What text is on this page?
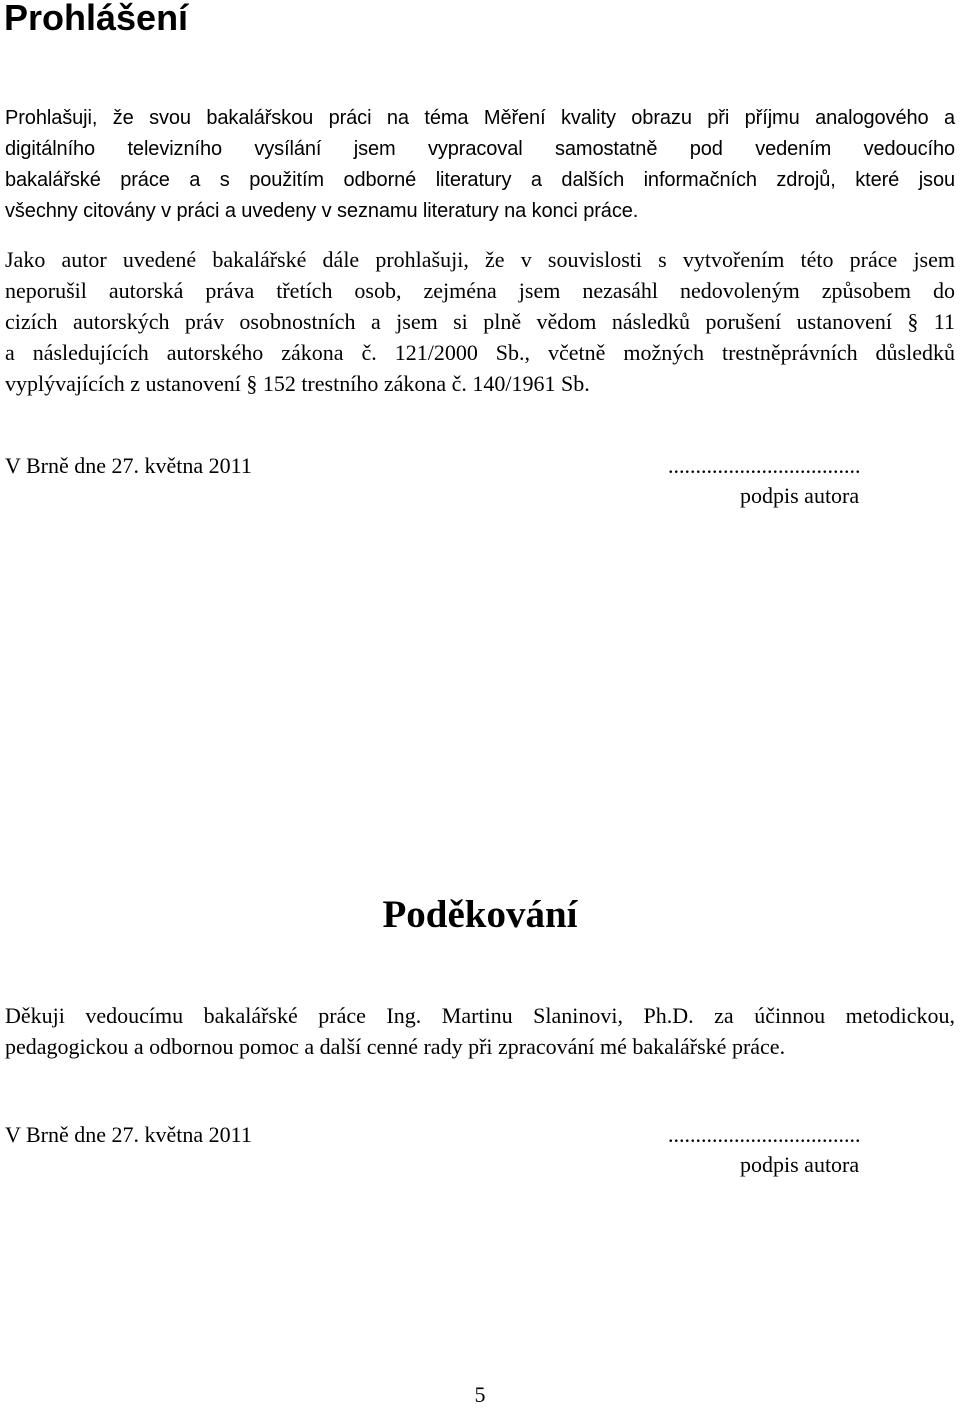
Prohlášení

Prohlašuji, že svou bakalářskou práci na téma Měření kvality obrazu při příjmu analogového a
digitálního televizního vysílání jsem vypracoval samostatně pod vedením vedoucího
bakalářské práce a s použitím odborné literatury a dalších informačních zdrojů, které jsou
všechny citovány v práci a uvedeny v seznamu literatury na konci práce.

Jako autor uvedené bakalářské dále prohlašuji, že v souvislosti s vytvořením této práce jsem
neporušil autorská práva třetích osob, zejména jsem nezasáhl nedovoleným způsobem do
cizích autorských práv osobnostních a jsem si plně vědom následků porušení ustanovení § 11
a následujících autorského zákona č. 121/2000 Sb., včetně možných trestněprávních důsledků
vyplývajících z ustanovení § 152 trestního zákona č. 140/1961 Sb.

V Brně dne 27. května 2011	...................................

podpis autora

Poděkování

Děkuji vedoucímu bakalářské práce Ing. Martinu Slaninovi, Ph.D. za účinnou metodickou,
pedagogickou a odbornou pomoc a další cenné rady při zpracování mé bakalářské práce.

V Brně dne 27. května 2011	...................................

podpis autora

5
